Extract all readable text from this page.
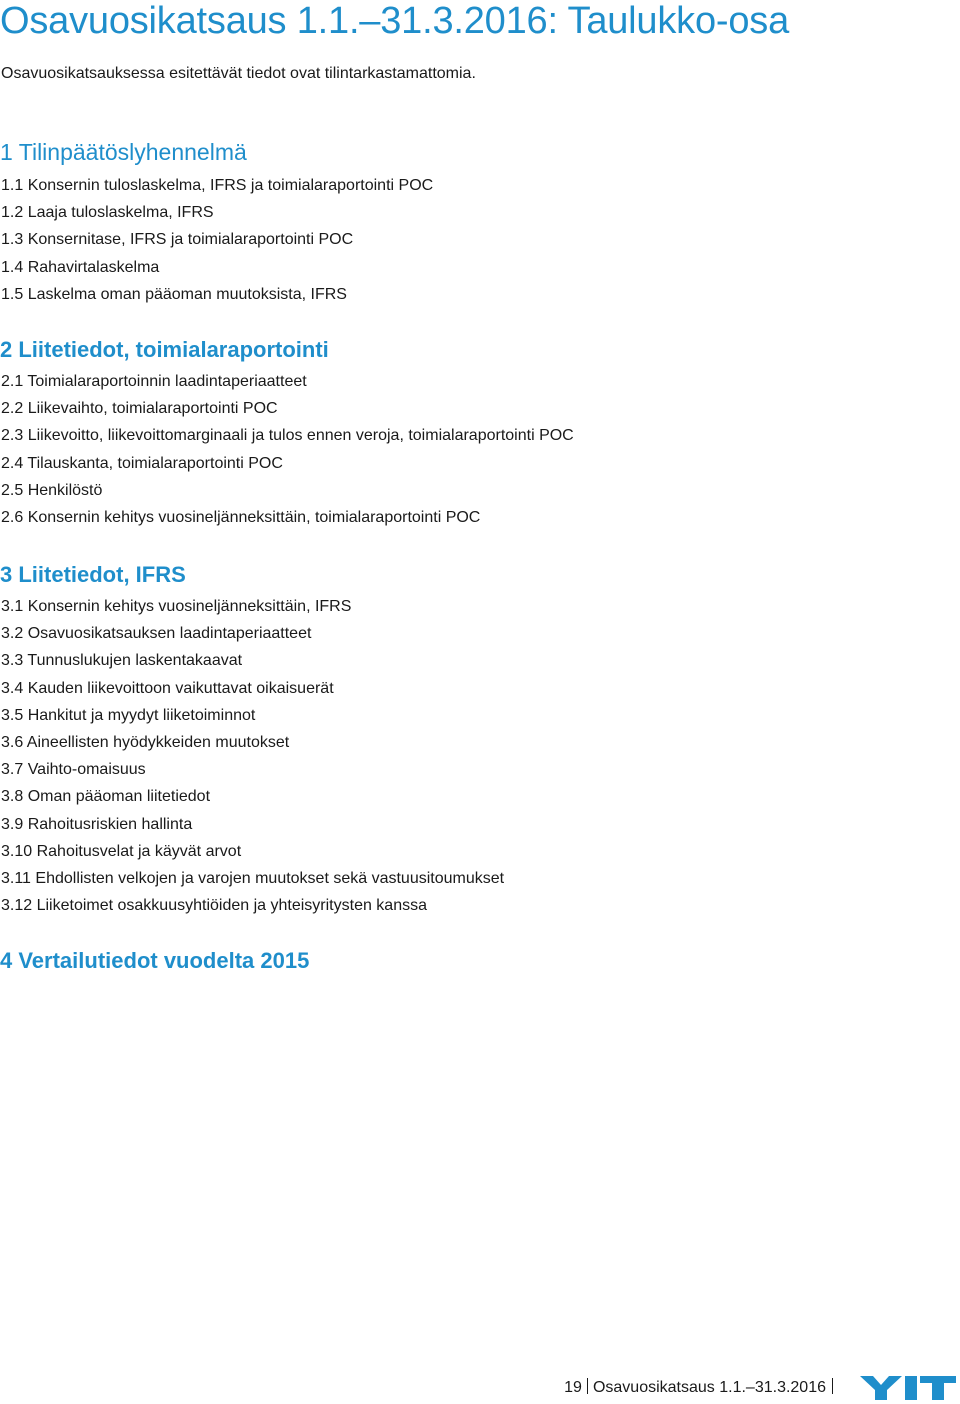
Osavuosikatsaus 1.1.–31.3.2016: Taulukko-osa
Osavuosikatsauksessa esitettävät tiedot ovat tilintarkastamattomia.
1 Tilinpäätöslyhennelmä
1.1 Konsernin tuloslaskelma, IFRS ja toimialaraportointi POC
1.2 Laaja tuloslaskelma, IFRS
1.3 Konsernitase, IFRS ja toimialaraportointi POC
1.4 Rahavirtalaskelma
1.5 Laskelma oman pääoman muutoksista, IFRS
2 Liitetiedot, toimialaraportointi
2.1 Toimialaraportoinnin laadintaperiaatteet
2.2 Liikevaihto, toimialaraportointi POC
2.3 Liikevoitto, liikevoittomarginaali ja tulos ennen veroja, toimialaraportointi POC
2.4 Tilauskanta, toimialaraportointi POC
2.5 Henkilöstö
2.6 Konsernin kehitys vuosineljänneksittäin, toimialaraportointi POC
3 Liitetiedot, IFRS
3.1 Konsernin kehitys vuosineljänneksittäin, IFRS
3.2 Osavuosikatsauksen laadintaperiaatteet
3.3 Tunnuslukujen laskentakaavat
3.4 Kauden liikevoittoon vaikuttavat oikaisuerät
3.5 Hankitut ja myydyt liiketoiminnot
3.6 Aineellisten hyödykkeiden muutokset
3.7 Vaihto-omaisuus
3.8 Oman pääoman liitetiedot
3.9 Rahoitusriskien hallinta
3.10 Rahoitusvelat ja käyvät arvot
3.11 Ehdollisten velkojen ja varojen muutokset sekä vastuusitoumukset
3.12 Liiketoimet osakkuusyhtiöiden ja yhteisyritysten kanssa
4 Vertailutiedot vuodelta 2015
19 Osavuosikatsaus 1.1.–31.3.2016
